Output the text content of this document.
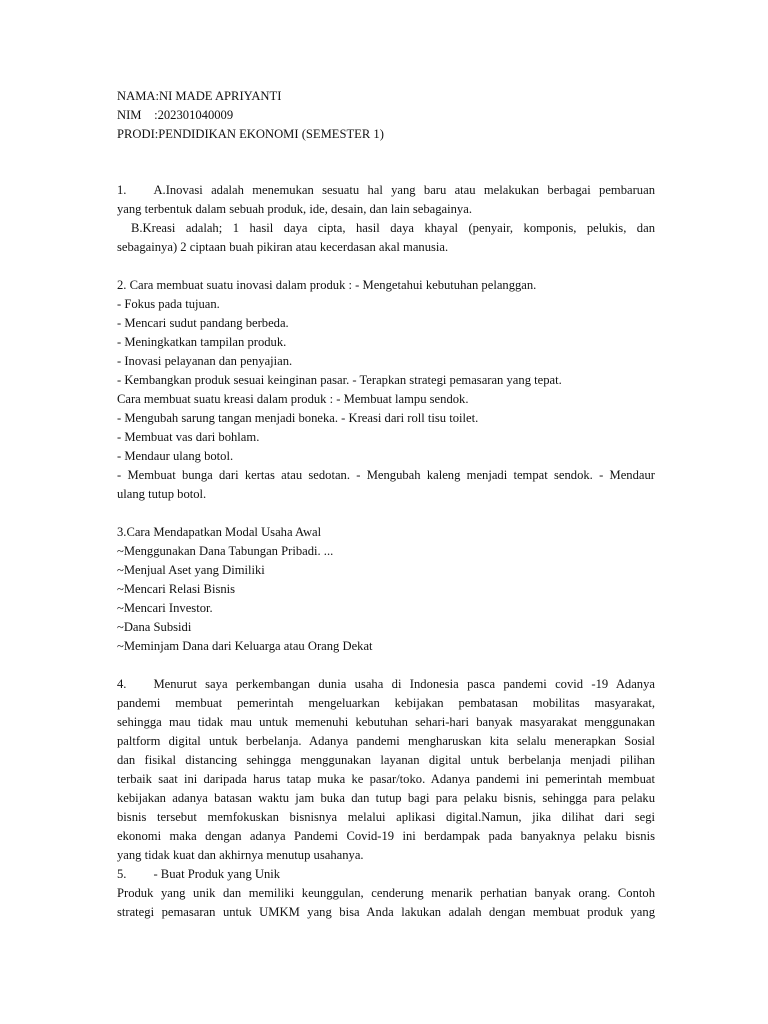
NAMA:NI MADE APRIYANTI
NIM    :202301040009
PRODI:PENDIDIKAN EKONOMI (SEMESTER 1)
1. A.Inovasi adalah menemukan sesuatu hal yang baru atau melakukan berbagai pembaruan
yang terbentuk dalam sebuah produk, ide, desain, dan lain sebagainya.
B.Kreasi adalah; 1 hasil daya cipta, hasil daya khayal (penyair, komponis, pelukis, dan
sebagainya) 2 ciptaan buah pikiran atau kecerdasan akal manusia.
2. Cara membuat suatu inovasi dalam produk : - Mengetahui kebutuhan pelanggan.
- Fokus pada tujuan.
- Mencari sudut pandang berbeda.
- Meningkatkan tampilan produk.
- Inovasi pelayanan dan penyajian.
- Kembangkan produk sesuai keinginan pasar. - Terapkan strategi pemasaran yang tepat.
Cara membuat suatu kreasi dalam produk : - Membuat lampu sendok.
- Mengubah sarung tangan menjadi boneka. - Kreasi dari roll tisu toilet.
- Membuat vas dari bohlam.
- Mendaur ulang botol.
- Membuat bunga dari kertas atau sedotan. - Mengubah kaleng menjadi tempat sendok. - Mendaur
ulang tutup botol.
3.Cara Mendapatkan Modal Usaha Awal
~Menggunakan Dana Tabungan Pribadi. ...
~Menjual Aset yang Dimiliki
~Mencari Relasi Bisnis
~Mencari Investor.
~Dana Subsidi
~Meminjam Dana dari Keluarga atau Orang Dekat
4. Menurut saya perkembangan dunia usaha di Indonesia pasca pandemi covid -19 Adanya
pandemi membuat pemerintah mengeluarkan kebijakan pembatasan mobilitas masyarakat,
sehingga mau tidak mau untuk memenuhi kebutuhan sehari-hari banyak masyarakat menggunakan
paltform digital untuk berbelanja. Adanya pandemi mengharuskan kita selalu menerapkan Sosial
dan fisikal distancing sehingga menggunakan layanan digital untuk berbelanja menjadi pilihan
terbaik saat ini daripada harus tatap muka ke pasar/toko. Adanya pandemi ini pemerintah membuat
kebijakan adanya batasan waktu jam buka dan tutup bagi para pelaku bisnis, sehingga para pelaku
bisnis tersebut memfokuskan bisnisnya melalui aplikasi digital.Namun, jika dilihat dari segi
ekonomi maka dengan adanya Pandemi Covid-19 ini berdampak pada banyaknya pelaku bisnis
yang tidak kuat dan akhirnya menutup usahanya.
5. - Buat Produk yang Unik
Produk yang unik dan memiliki keunggulan, cenderung menarik perhatian banyak orang. Contoh
strategi pemasaran untuk UMKM yang bisa Anda lakukan adalah dengan membuat produk yang
